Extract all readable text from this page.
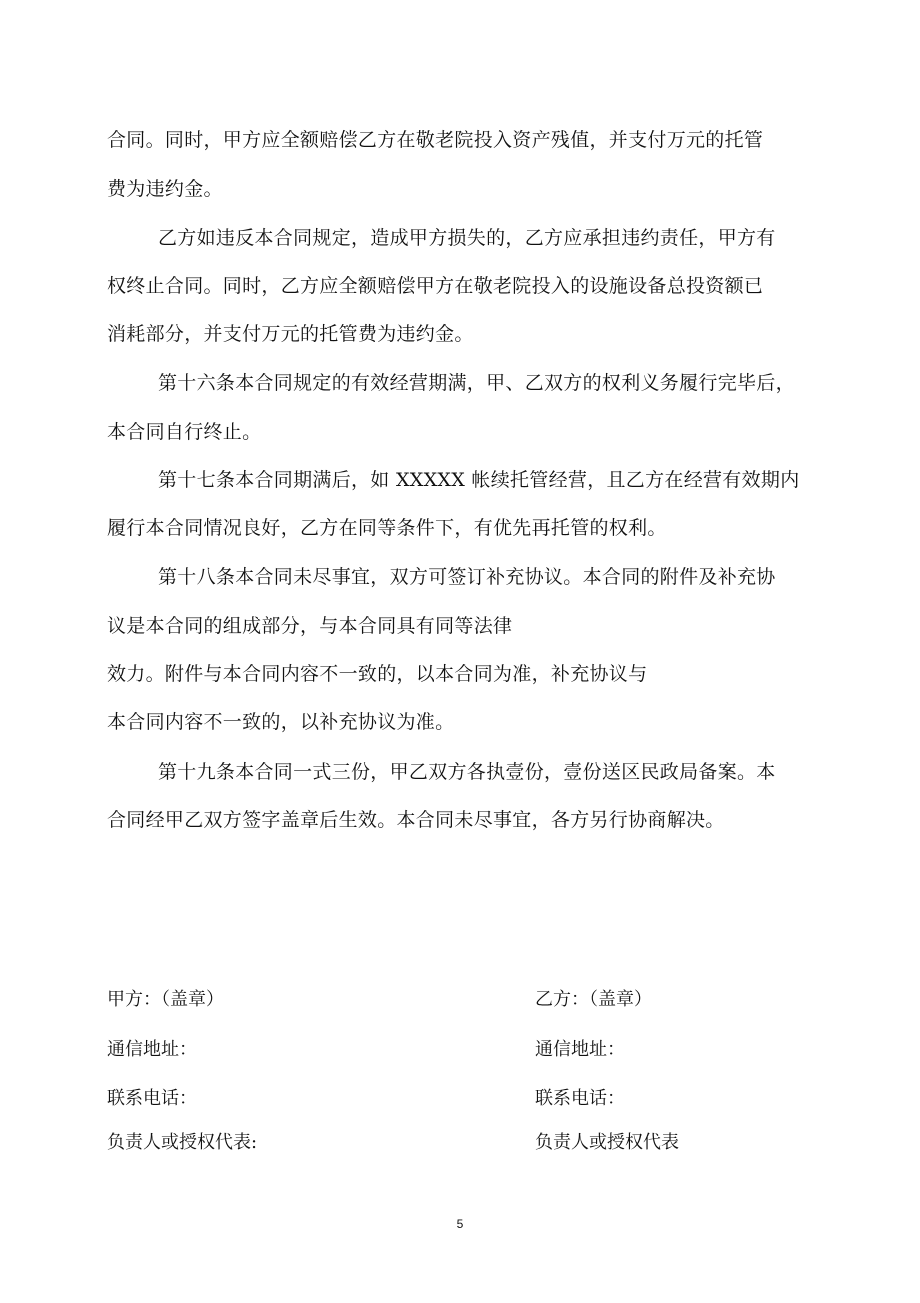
合同。同时，甲方应全额赔偿乙方在敬老院投入资产残值，并支付万元的托管
费为违约金。
乙方如违反本合同规定，造成甲方损失的，乙方应承担违约责任，甲方有
权终止合同。同时，乙方应全额赔偿甲方在敬老院投入的设施设备总投资额已
消耗部分，并支付万元的托管费为违约金。
第十六条本合同规定的有效经营期满，甲、乙双方的权利义务履行完毕后，
本合同自行终止。
第十七条本合同期满后，如 XXXXX 帐续托管经营，且乙方在经营有效期内
履行本合同情况良好，乙方在同等条件下，有优先再托管的权利。
第十八条本合同未尽事宜，双方可签订补充协议。本合同的附件及补充协
议是本合同的组成部分，与本合同具有同等法律
效力。附件与本合同内容不一致的，以本合同为准，补充协议与
本合同内容不一致的，以补充协议为准。
第十九条本合同一式三份，甲乙双方各执壹份，壹份送区民政局备案。本
合同经甲乙双方签字盖章后生效。本合同未尽事宜，各方另行协商解决。
甲方：（盖章）
通信地址：
联系电话：
负责人或授权代表:
乙方：（盖章）
通信地址：
联系电话：
负责人或授权代表
5
